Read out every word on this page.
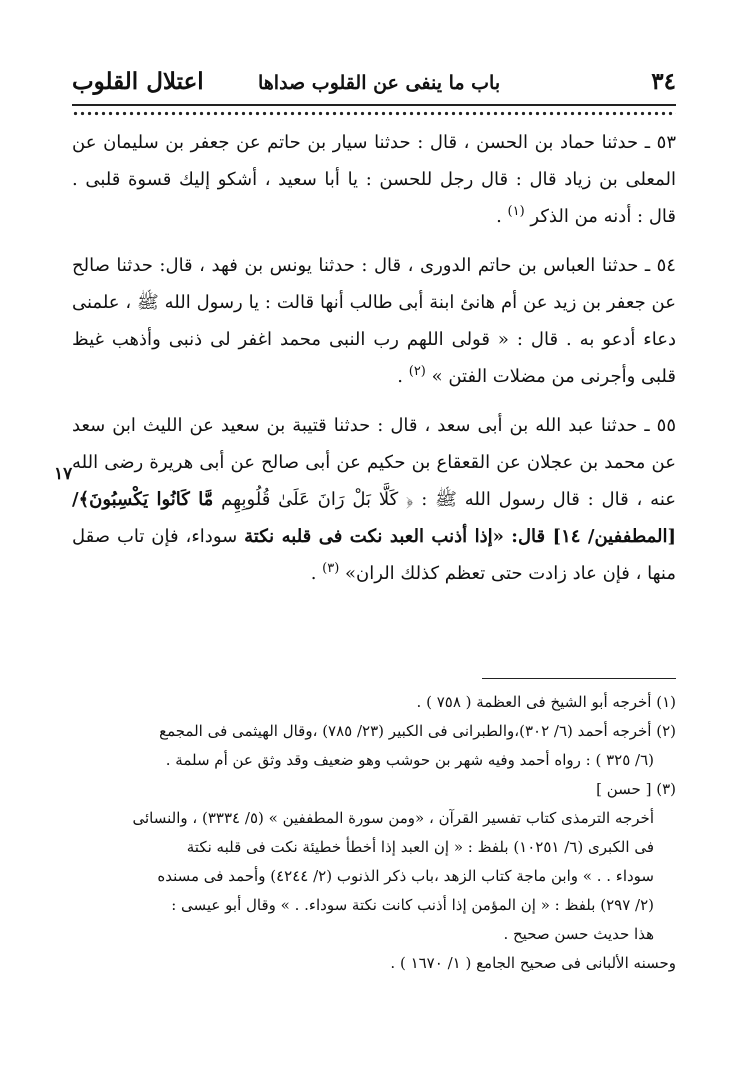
اعتلال القلوب	باب ما ينفى عن القلوب صداها	٣٤

٥٣ ـ حدثنا حماد بن الحسن ، قال : حدثنا سيار بن حاتم عن جعفر بن سليمان عن المعلى بن زياد قال : قال رجل للحسن : يا أبا سعيد ، أشكو إليك قسوة قلبى . قال : أدنه من الذكر $^{(١)}$ .

٥٤ ـ حدثنا العباس بن حاتم الدورى ، قال : حدثنا يونس بن فهد ، قال: حدثنا صالح عن جعفر بن زيد عن أم هانئ ابنة أبى طالب أنها قالت : يا رسول الله ﷺ ، علمنى دعاء أدعو به . قال : « قولى اللهم رب النبى محمد اغفر لى ذنبى وأذهب غيظ قلبى وأجرنى من مضلات الفتن » $^{(٢)}$ .

٥٥ ـ حدثنا عبد الله بن أبى سعد ، قال : حدثنا قتيبة بن سعيد عن الليث ابن سعد عن محمد بن عجلان عن القعقاع بن حكيم عن أبى صالح عن أبى هريرة رضى الله عنه ، قال : قال رسول الله ﷺ : ﴿ كَلَّا بَلْ رَانَ عَلَىٰ قُلُوبِهِم مَّا كَانُوا يَكْسِبُونَ﴾/ [المطففين/ ١٤] قال: «إذا أذنب العبد نكت فى قلبه نكتة سوداء، فإن تاب صقل منها ، فإن عاد زادت حتى تعظم كذلك الران» $^{(٣)}$ .

١٧

(١) أخرجه أبو الشيخ فى العظمة ( ٧٥٨ ) .

(٢) أخرجه أحمد (٦/ ٣٠٢)،والطبرانى فى الكبير (٢٣/ ٧٨٥) ،وقال الهيثمى فى المجمع

(٦/ ٣٢٥ ) : رواه أحمد وفيه شهر بن حوشب وهو ضعيف وقد وثق عن أم سلمة .

(٣) [ حسن ]

أخرجه الترمذى كتاب تفسير القرآن ، «ومن سورة المطففين » (٥/ ٣٣٣٤) ، والنسائى

فى الكبرى (٦/ ١٠٢٥١) بلفظ : « إن العبد إذا أخطأ خطيئة نكت فى قلبه نكتة

سوداء . . » وابن ماجة كتاب الزهد ،باب ذكر الذنوب (٢/ ٤٢٤٤) وأحمد فى مسنده

(٢/ ٢٩٧) بلفظ : « إن المؤمن إذا أذنب كانت نكتة سوداء. . » وقال أبو عيسى :

هذا حديث حسن صحيح .

وحسنه الألبانى فى صحيح الجامع ( ١/ ١٦٧٠ ) .
